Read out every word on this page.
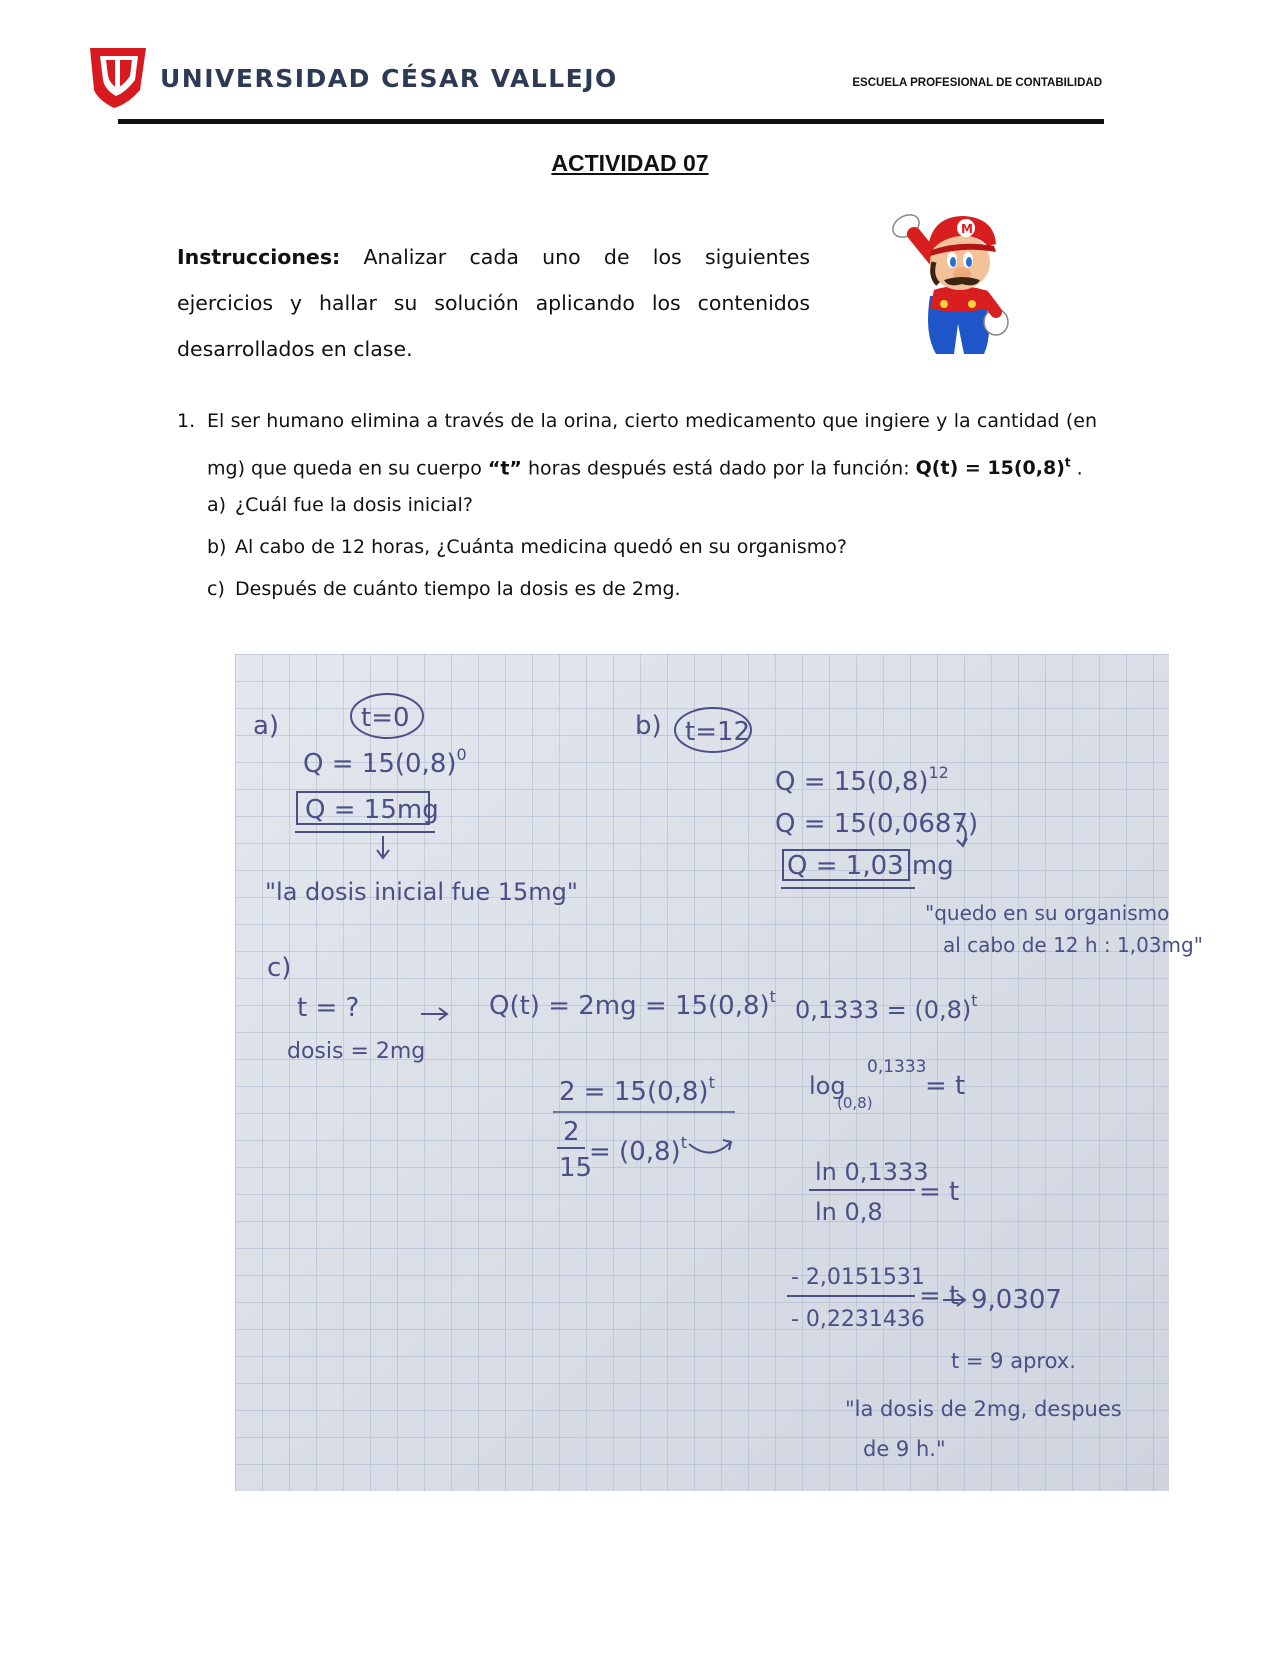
UNIVERSIDAD CÉSAR VALLEJO	ESCUELA PROFESIONAL DE CONTABILIDAD
ACTIVIDAD 07
Instrucciones: Analizar cada uno de los siguientes ejercicios y hallar su solución aplicando los contenidos desarrollados en clase.
M
1. El ser humano elimina a través de la orina, cierto medicamento que ingiere y la cantidad (en mg) que queda en su cuerpo “t” horas después está dado por la función: $Q(t) = 15(0,8)^t$ .
a) ¿Cuál fue la dosis inicial?
b) Al cabo de 12 horas, ¿Cuánta medicina quedó en su organismo?
c) Después de cuánto tiempo la dosis es de 2mg.
a)	t=0
$Q = 15(0,8)^0$
Q = 15mg
"la dosis inicial fue 15mg"
b) t=12
$Q = 15(0,8)^{12}$
Q = 15(0,0687)
Q = 1,03 mg
"quedo en su organismo
al cabo de 12 h : 1,03mg"
c)
t = ?
dosis = 2mg
$Q(t) = 2mg = 15(0,8)^t$
$2 = 15(0,8)^t$
2
15
= $(0,8)^t$
$0,1333 = (0,8)^t$
log
(0,8)
0,1333
= t
ln 0,1333
ln 0,8
= t
- 2,0151531
- 0,2231436
= t 9,0307
t = 9 aprox.
"la dosis de 2mg, despues
de 9 h."
